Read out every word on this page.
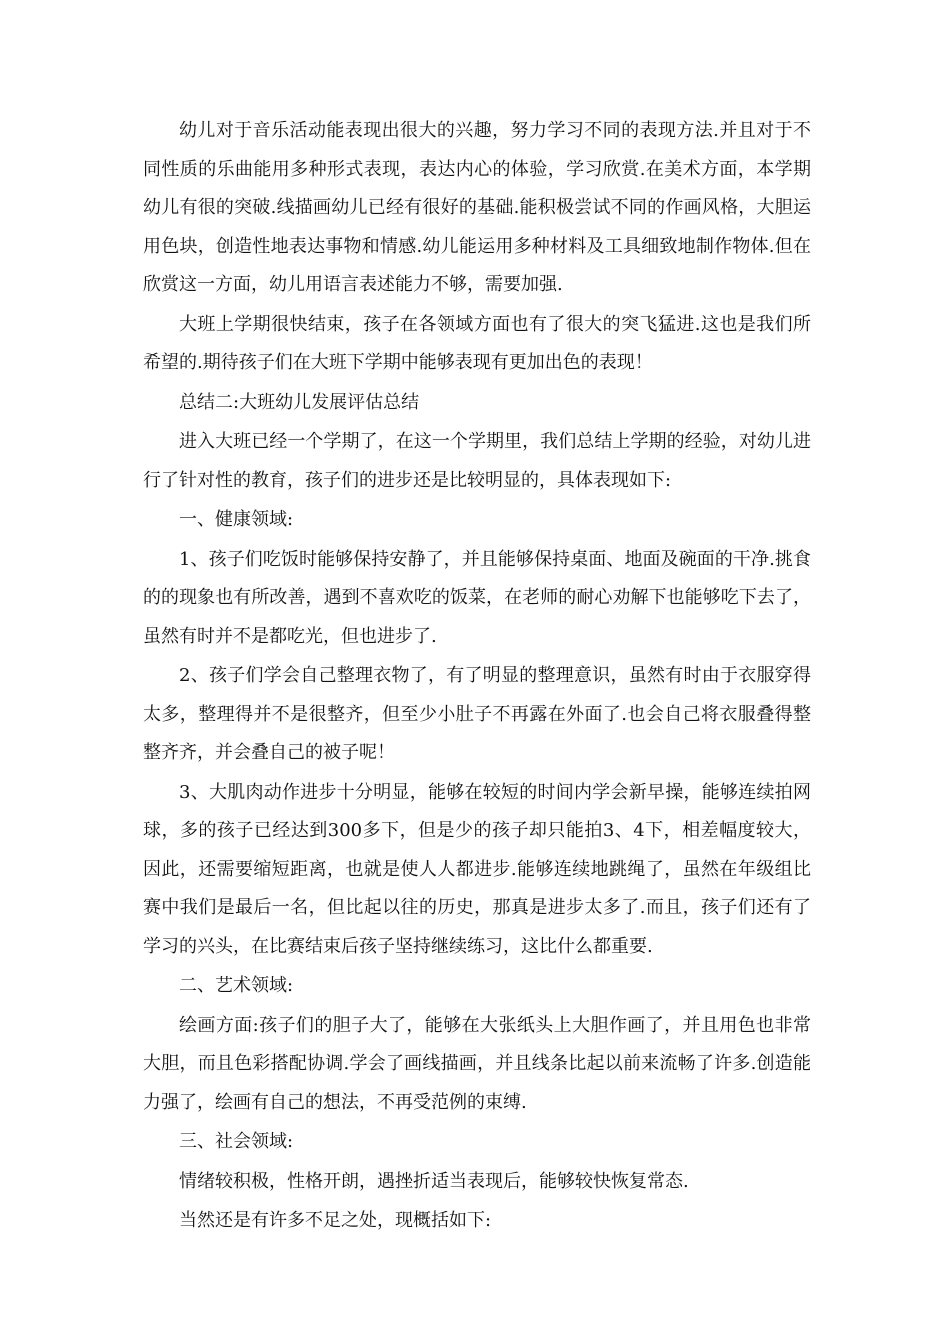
幼儿对于音乐活动能表现出很大的兴趣，努力学习不同的表现方法.并且对于不同性质的乐曲能用多种形式表现，表达内心的体验，学习欣赏.在美术方面，本学期幼儿有很的突破.线描画幼儿已经有很好的基础.能积极尝试不同的作画风格，大胆运用色块，创造性地表达事物和情感.幼儿能运用多种材料及工具细致地制作物体.但在欣赏这一方面，幼儿用语言表述能力不够，需要加强.

大班上学期很快结束，孩子在各领域方面也有了很大的突飞猛进.这也是我们所希望的.期待孩子们在大班下学期中能够表现有更加出色的表现！

总结二:大班幼儿发展评估总结

进入大班已经一个学期了，在这一个学期里，我们总结上学期的经验，对幼儿进行了针对性的教育，孩子们的进步还是比较明显的，具体表现如下:

一、健康领域:

1、孩子们吃饭时能够保持安静了，并且能够保持桌面、地面及碗面的干净.挑食的的现象也有所改善，遇到不喜欢吃的饭菜，在老师的耐心劝解下也能够吃下去了，虽然有时并不是都吃光，但也进步了.

2、孩子们学会自己整理衣物了，有了明显的整理意识，虽然有时由于衣服穿得太多，整理得并不是很整齐，但至少小肚子不再露在外面了.也会自己将衣服叠得整整齐齐，并会叠自己的被子呢！

3、大肌肉动作进步十分明显，能够在较短的时间内学会新早操，能够连续拍网球，多的孩子已经达到300多下，但是少的孩子却只能拍3、4下，相差幅度较大，因此，还需要缩短距离，也就是使人人都进步.能够连续地跳绳了，虽然在年级组比赛中我们是最后一名，但比起以往的历史，那真是进步太多了.而且，孩子们还有了学习的兴头，在比赛结束后孩子坚持继续练习，这比什么都重要.

二、艺术领域:

绘画方面:孩子们的胆子大了，能够在大张纸头上大胆作画了，并且用色也非常大胆，而且色彩搭配协调.学会了画线描画，并且线条比起以前来流畅了许多.创造能力强了，绘画有自己的想法，不再受范例的束缚.

三、社会领域:

情绪较积极，性格开朗，遇挫折适当表现后，能够较快恢复常态.

当然还是有许多不足之处，现概括如下:
